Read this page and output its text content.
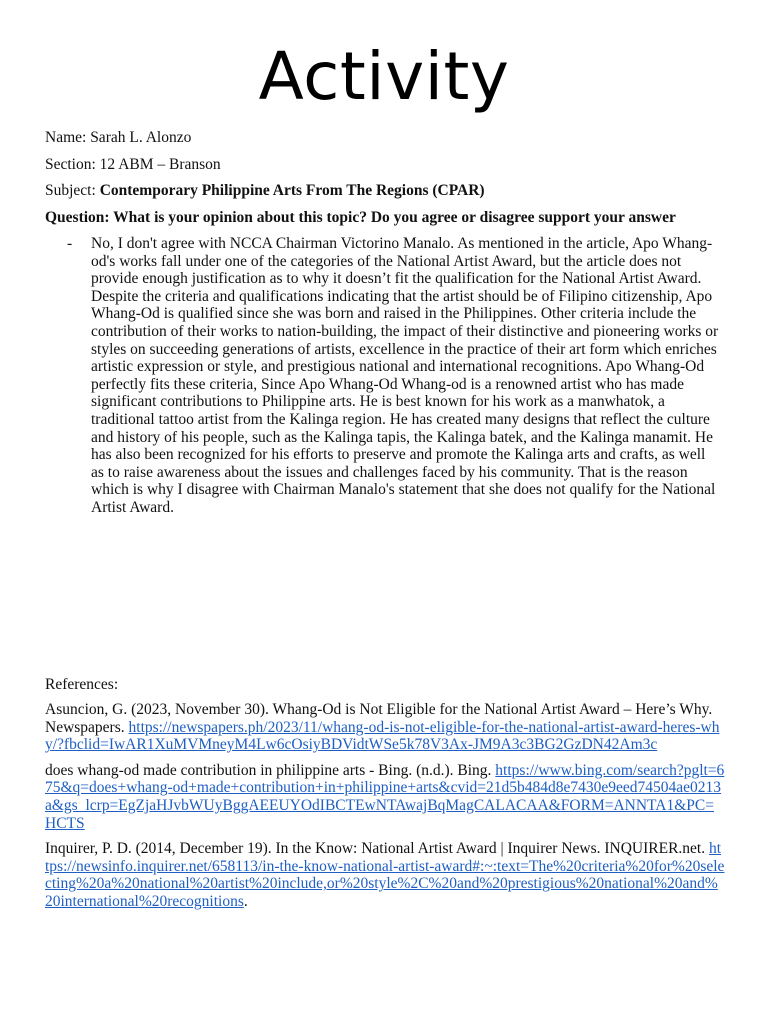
Activity
Name: Sarah L. Alonzo
Section: 12 ABM – Branson
Subject: Contemporary Philippine Arts From The Regions (CPAR)
Question: What is your opinion about this topic? Do you agree or disagree support your answer
- No, I don't agree with NCCA Chairman Victorino Manalo. As mentioned in the article, Apo Whang-od's works fall under one of the categories of the National Artist Award, but the article does not provide enough justification as to why it doesn’t fit the qualification for the National Artist Award. Despite the criteria and qualifications indicating that the artist should be of Filipino citizenship, Apo Whang-Od is qualified since she was born and raised in the Philippines. Other criteria include the contribution of their works to nation-building, the impact of their distinctive and pioneering works or styles on succeeding generations of artists, excellence in the practice of their art form which enriches artistic expression or style, and prestigious national and international recognitions. Apo Whang-Od perfectly fits these criteria, Since Apo Whang-Od Whang-od is a renowned artist who has made significant contributions to Philippine arts. He is best known for his work as a manwhatok, a traditional tattoo artist from the Kalinga region. He has created many designs that reflect the culture and history of his people, such as the Kalinga tapis, the Kalinga batek, and the Kalinga manamit. He has also been recognized for his efforts to preserve and promote the Kalinga arts and crafts, as well as to raise awareness about the issues and challenges faced by his community. That is the reason which is why I disagree with Chairman Manalo's statement that she does not qualify for the National Artist Award.
References:
Asuncion, G. (2023, November 30). Whang-Od is Not Eligible for the National Artist Award – Here’s Why. Newspapers. https://newspapers.ph/2023/11/whang-od-is-not-eligible-for-the-national-artist-award-heres-why/?fbclid=IwAR1XuMVMneyM4Lw6cOsiyBDVidtWSe5k78V3Ax-JM9A3c3BG2GzDN42Am3c
does whang-od made contribution in philippine arts - Bing. (n.d.). Bing. https://www.bing.com/search?pglt=675&q=does+whang-od+made+contribution+in+philippine+arts&cvid=21d5b484d8e7430e9eed74504ae0213a&gs_lcrp=EgZjaHJvbWUyBggAEEUYOdIBCTEwNTAwajBqMagCALACAA&FORM=ANNTA1&PC=HCTS
Inquirer, P. D. (2014, December 19). In the Know: National Artist Award | Inquirer News. INQUIRER.net. https://newsinfo.inquirer.net/658113/in-the-know-national-artist-award#:~:text=The%20criteria%20for%20selecting%20a%20national%20artist%20include,or%20style%2C%20and%20prestigious%20national%20and%20international%20recognitions.
